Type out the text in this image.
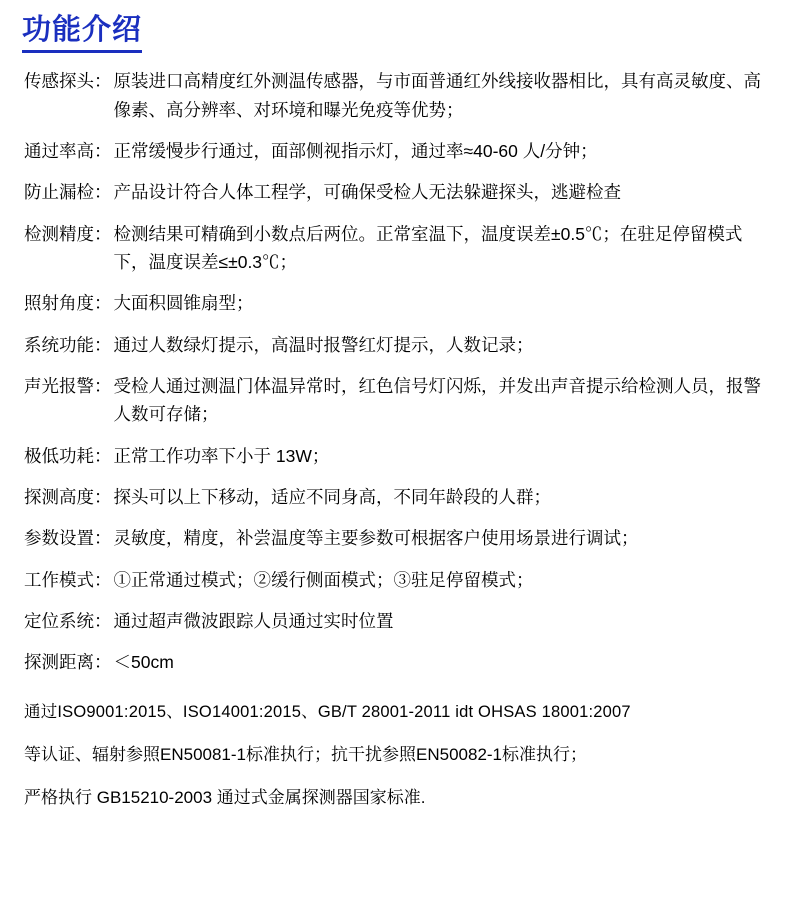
功能介绍
传感探头 ： 原装进口高精度红外测温传感器，与市面普通红外线接收器相比，具有高灵敏度、高像素、高分辨率、对环境和曝光免疫等优势；
通过率高 ： 正常缓慢步行通过，面部侧视指示灯，通过率≈40-60 人/分钟；
防止漏检 ： 产品设计符合人体工程学，可确保受检人无法躲避探头，逃避检查
检测精度 ： 检测结果可精确到小数点后两位。正常室温下，温度误差±0.5℃；在驻足停留模式下，温度误差≤±0.3℃；
照射角度 ： 大面积圆锥扇型；
系统功能 ： 通过人数绿灯提示，高温时报警红灯提示，人数记录；
声光报警 ： 受检人通过测温门体温异常时，红色信号灯闪烁，并发出声音提示给检测人员，报警人数可存储；
极低功耗 ： 正常工作功率下小于 13W；
探测高度 ： 探头可以上下移动，适应不同身高，不同年龄段的人群；
参数设置 ： 灵敏度，精度，补尝温度等主要参数可根据客户使用场景进行调试；
工作模式 ： ①正常通过模式；②缓行侧面模式；③驻足停留模式；
定位系统 ： 通过超声微波跟踪人员通过实时位置
探测距离 ： ＜50cm

通过ISO9001:2015、ISO14001:2015、GB/T 28001-2011 idt OHSAS 18001:2007

等认证、辐射参照EN50081-1标准执行；抗干扰参照EN50082-1标准执行；

严格执行 GB15210-2003 通过式金属探测器国家标准.
